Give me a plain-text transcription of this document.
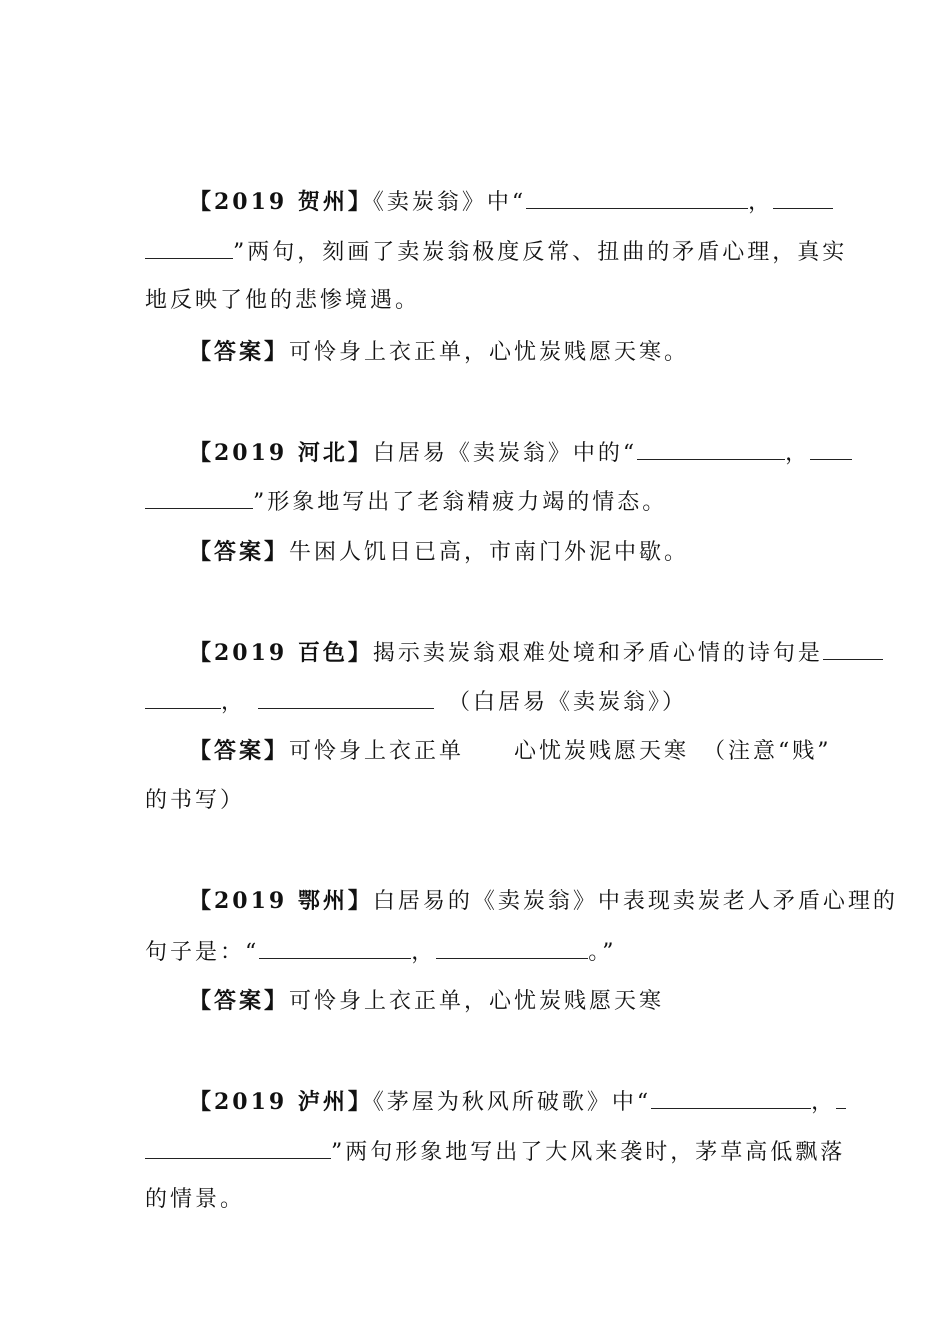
【2019 贺州】《卖炭翁》中“	，
”两句，刻画了卖炭翁极度反常、扭曲的矛盾心理，真实
地反映了他的悲惨境遇。
【答案】可怜身上衣正单，心忧炭贱愿天寒。
【2019 河北】白居易《卖炭翁》中的“	，
”形象地写出了老翁精疲力竭的情态。
【答案】牛困人饥日已高，市南门外泥中歇。
【2019 百色】揭示卖炭翁艰难处境和矛盾心情的诗句是
，	（白居易《卖炭翁》）
【答案】可怜身上衣正单　　心忧炭贱愿天寒　（注意“贱”
的书写）
【2019 鄂州】白居易的《卖炭翁》中表现卖炭老人矛盾心理的
句子是：“	，	。”
【答案】可怜身上衣正单，心忧炭贱愿天寒
【2019 泸州】《茅屋为秋风所破歌》中“	，
”两句形象地写出了大风来袭时，茅草高低飘落
的情景。
